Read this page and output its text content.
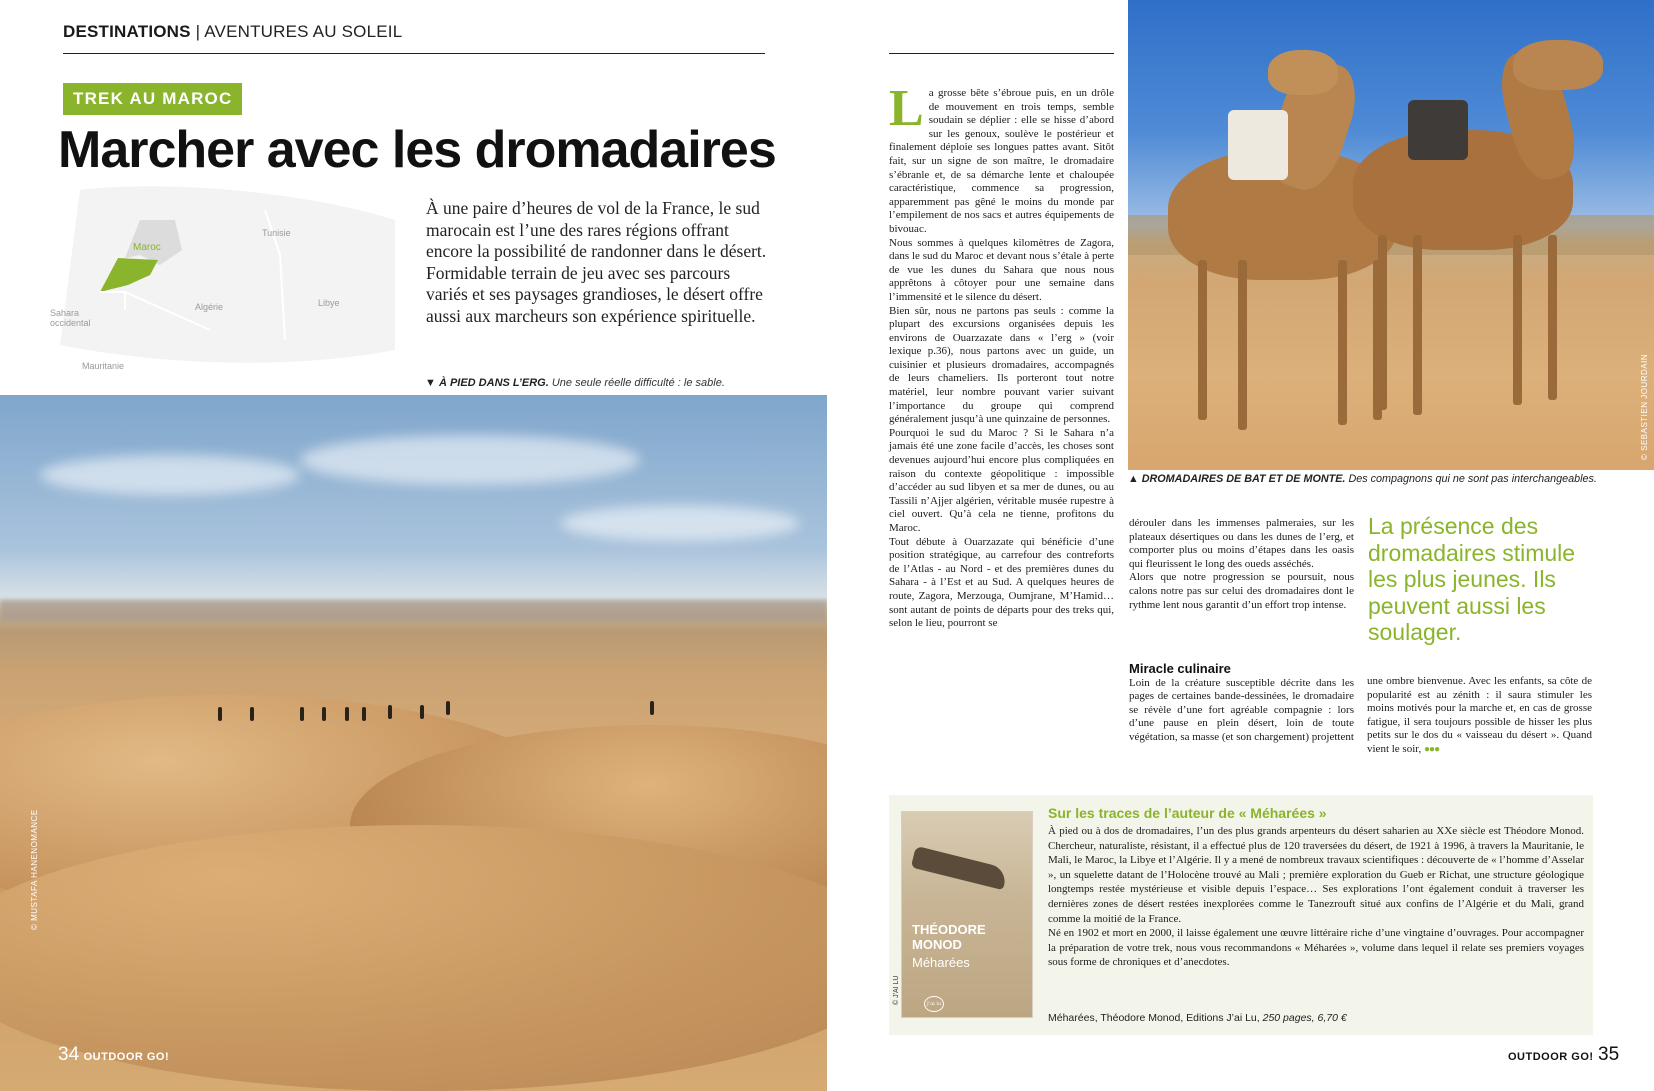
DESTINATIONS | AVENTURES AU SOLEIL
TREK AU MAROC
Marcher avec les dromadaires
Tunisie
Maroc
Algérie	Libye
Sahara occidental
Mauritanie
À une paire d’heures de vol de la France, le sud marocain est l’une des rares régions offrant encore la possibilité de randonner dans le désert. Formidable terrain de jeu avec ses parcours variés et ses paysages grandioses, le désert offre aussi aux marcheurs son expérience spirituelle.
▼ À PIED DANS L’ERG. Une seule réelle difficulté : le sable.
© MUSTAFA HANENOMANCE
34 OUTDOOR GO!

La grosse bête s’ébroue puis, en un drôle de mouvement en trois temps, semble soudain se déplier : elle se hisse d’abord sur les genoux, soulève le postérieur et finalement déploie ses longues pattes avant. Sitôt fait, sur un signe de son maître, le dromadaire s’ébranle et, de sa démarche lente et chaloupée caractéristique, commence sa progression, apparemment pas gêné le moins du monde par l’empilement de nos sacs et autres équipements de bivouac.

Nous sommes à quelques kilomètres de Zagora, dans le sud du Maroc et devant nous s’étale à perte de vue les dunes du Sahara que nous nous apprêtons à côtoyer pour une semaine dans l’immensité et le silence du désert.

Bien sûr, nous ne partons pas seuls : comme la plupart des excursions organisées depuis les environs de Ouarzazate dans « l’erg » (voir lexique p.36), nous partons avec un guide, un cuisinier et plusieurs dromadaires, accompagnés de leurs chameliers. Ils porteront tout notre matériel, leur nombre pouvant varier suivant l’importance du groupe qui comprend généralement jusqu’à une quinzaine de personnes.

Pourquoi le sud du Maroc ? Si le Sahara n’a jamais été une zone facile d’accès, les choses sont devenues aujourd’hui encore plus compliquées en raison du contexte géopolitique : impossible d’accéder au sud libyen et sa mer de dunes, ou au Tassili n’Ajjer algérien, véritable musée rupestre à ciel ouvert. Qu’à cela ne tienne, profitons du Maroc.

Tout débute à Ouarzazate qui bénéficie d’une position stratégique, au carrefour des contreforts de l’Atlas - au Nord - et des premières dunes du Sahara - à l’Est et au Sud. A quelques heures de route, Zagora, Merzouga, Oumjrane, M’Hamid… sont autant de points de départs pour des treks qui, selon le lieu, pourront se

© SEBASTIEN JOURDAIN
▲ DROMADAIRES DE BAT ET DE MONTE. Des compagnons qui ne sont pas interchangeables.

dérouler dans les immenses palmeraies, sur les plateaux désertiques ou dans les dunes de l’erg, et comporter plus ou moins d’étapes dans les oasis qui fleurissent le long des oueds asséchés.

Alors que notre progression se poursuit, nous calons notre pas sur celui des dromadaires dont le rythme lent nous garantit d’un effort trop intense.

Miracle culinaire

Loin de la créature susceptible décrite dans les pages de certaines bande-dessinées, le dromadaire se révèle d’une fort agréable compagnie : lors d’une pause en plein désert, loin de toute végétation, sa masse (et son chargement) projettent

La présence des dromadaires stimule les plus jeunes. Ils peuvent aussi les soulager.

une ombre bienvenue. Avec les enfants, sa côte de popularité est au zénith : il saura stimuler les moins motivés pour la marche et, en cas de grosse fatigue, il sera toujours possible de hisser les plus petits sur le dos du « vaisseau du désert ». Quand vient le soir, ●●●

THÉODORE
MONOD
Méharées
J'ai lu
© J'AI LU
Sur les traces de l’auteur de « Méharées »

À pied ou à dos de dromadaires, l’un des plus grands arpenteurs du désert saharien au XXe siècle est Théodore Monod. Chercheur, naturaliste, résistant, il a effectué plus de 120 traversées du désert, de 1921 à 1996, à travers la Mauritanie, le Mali, le Maroc, la Libye et l’Algérie. Il y a mené de nombreux travaux scientifiques : découverte de « l’homme d’Asselar », un squelette datant de l’Holocène trouvé au Mali ; première exploration du Gueb er Richat, une structure géologique longtemps restée mystérieuse et visible depuis l’espace… Ses explorations l’ont également conduit à traverser les dernières zones de désert restées inexplorées comme le Tanezrouft situé aux confins de l’Algérie et du Mali, grand comme la moitié de la France.

Né en 1902 et mort en 2000, il laisse également une œuvre littéraire riche d’une vingtaine d’ouvrages. Pour accompagner la préparation de votre trek, nous vous recommandons « Méharées », volume dans lequel il relate ses premiers voyages sous forme de chroniques et d’anecdotes.

Méharées, Théodore Monod, Editions J’ai Lu, 250 pages, 6,70 €
OUTDOOR GO! 35
